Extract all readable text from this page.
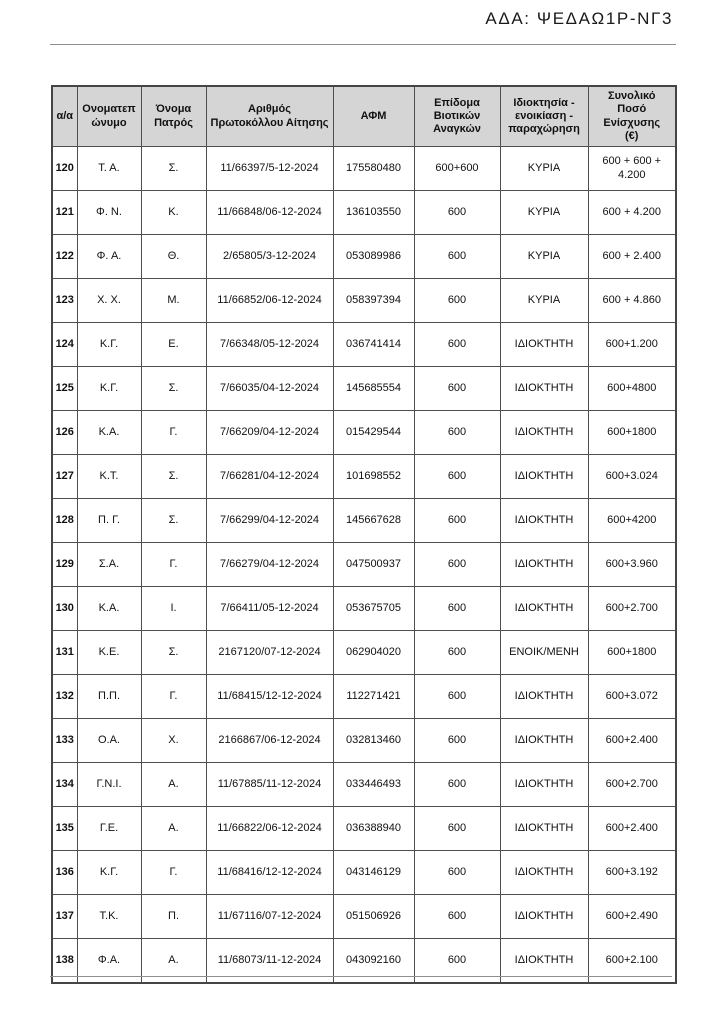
ΑΔΑ: ΨΕΔΑΩ1Ρ-ΝΓ3
α/α	Ονοματεπώνυμο	Όνομα Πατρός	Αριθμός Πρωτοκόλλου Αίτησης	ΑΦΜ	Επίδομα Βιοτικών Αναγκών	Ιδιοκτησία - ενοικίαση - παραχώρηση	Συνολικό Ποσό Ενίσχυσης (€)
120	Τ. Α.	Σ.	11/66397/5-12-2024	175580480	600+600	ΚΥΡΙΑ	600 + 600 + 4.200
121	Φ. Ν.	Κ.	11/66848/06-12-2024	136103550	600	ΚΥΡΙΑ	600 + 4.200
122	Φ. Α.	Θ.	2/65805/3-12-2024	053089986	600	ΚΥΡΙΑ	600 + 2.400
123	Χ. Χ.	Μ.	11/66852/06-12-2024	058397394	600	ΚΥΡΙΑ	600 + 4.860
124	Κ.Γ.	Ε.	7/66348/05-12-2024	036741414	600	ΙΔΙΟΚΤΗΤΗ	600+1.200
125	Κ.Γ.	Σ.	7/66035/04-12-2024	145685554	600	ΙΔΙΟΚΤΗΤΗ	600+4800
126	Κ.Α.	Γ.	7/66209/04-12-2024	015429544	600	ΙΔΙΟΚΤΗΤΗ	600+1800
127	Κ.Τ.	Σ.	7/66281/04-12-2024	101698552	600	ΙΔΙΟΚΤΗΤΗ	600+3.024
128	Π. Γ.	Σ.	7/66299/04-12-2024	145667628	600	ΙΔΙΟΚΤΗΤΗ	600+4200
129	Σ.Α.	Γ.	7/66279/04-12-2024	047500937	600	ΙΔΙΟΚΤΗΤΗ	600+3.960
130	Κ.Α.	Ι.	7/66411/05-12-2024	053675705	600	ΙΔΙΟΚΤΗΤΗ	600+2.700
131	Κ.Ε.	Σ.	2167120/07-12-2024	062904020	600	ΕΝΟΙΚ/ΜΕΝΗ	600+1800
132	Π.Π.	Γ.	11/68415/12-12-2024	112271421	600	ΙΔΙΟΚΤΗΤΗ	600+3.072
133	Ο.Α.	Χ.	2166867/06-12-2024	032813460	600	ΙΔΙΟΚΤΗΤΗ	600+2.400
134	Γ.Ν.Ι.	Α.	11/67885/11-12-2024	033446493	600	ΙΔΙΟΚΤΗΤΗ	600+2.700
135	Γ.Ε.	Α.	11/66822/06-12-2024	036388940	600	ΙΔΙΟΚΤΗΤΗ	600+2.400
136	Κ.Γ.	Γ.	11/68416/12-12-2024	043146129	600	ΙΔΙΟΚΤΗΤΗ	600+3.192
137	Τ.Κ.	Π.	11/67116/07-12-2024	051506926	600	ΙΔΙΟΚΤΗΤΗ	600+2.490
138	Φ.Α.	Α.	11/68073/11-12-2024	043092160	600	ΙΔΙΟΚΤΗΤΗ	600+2.100
